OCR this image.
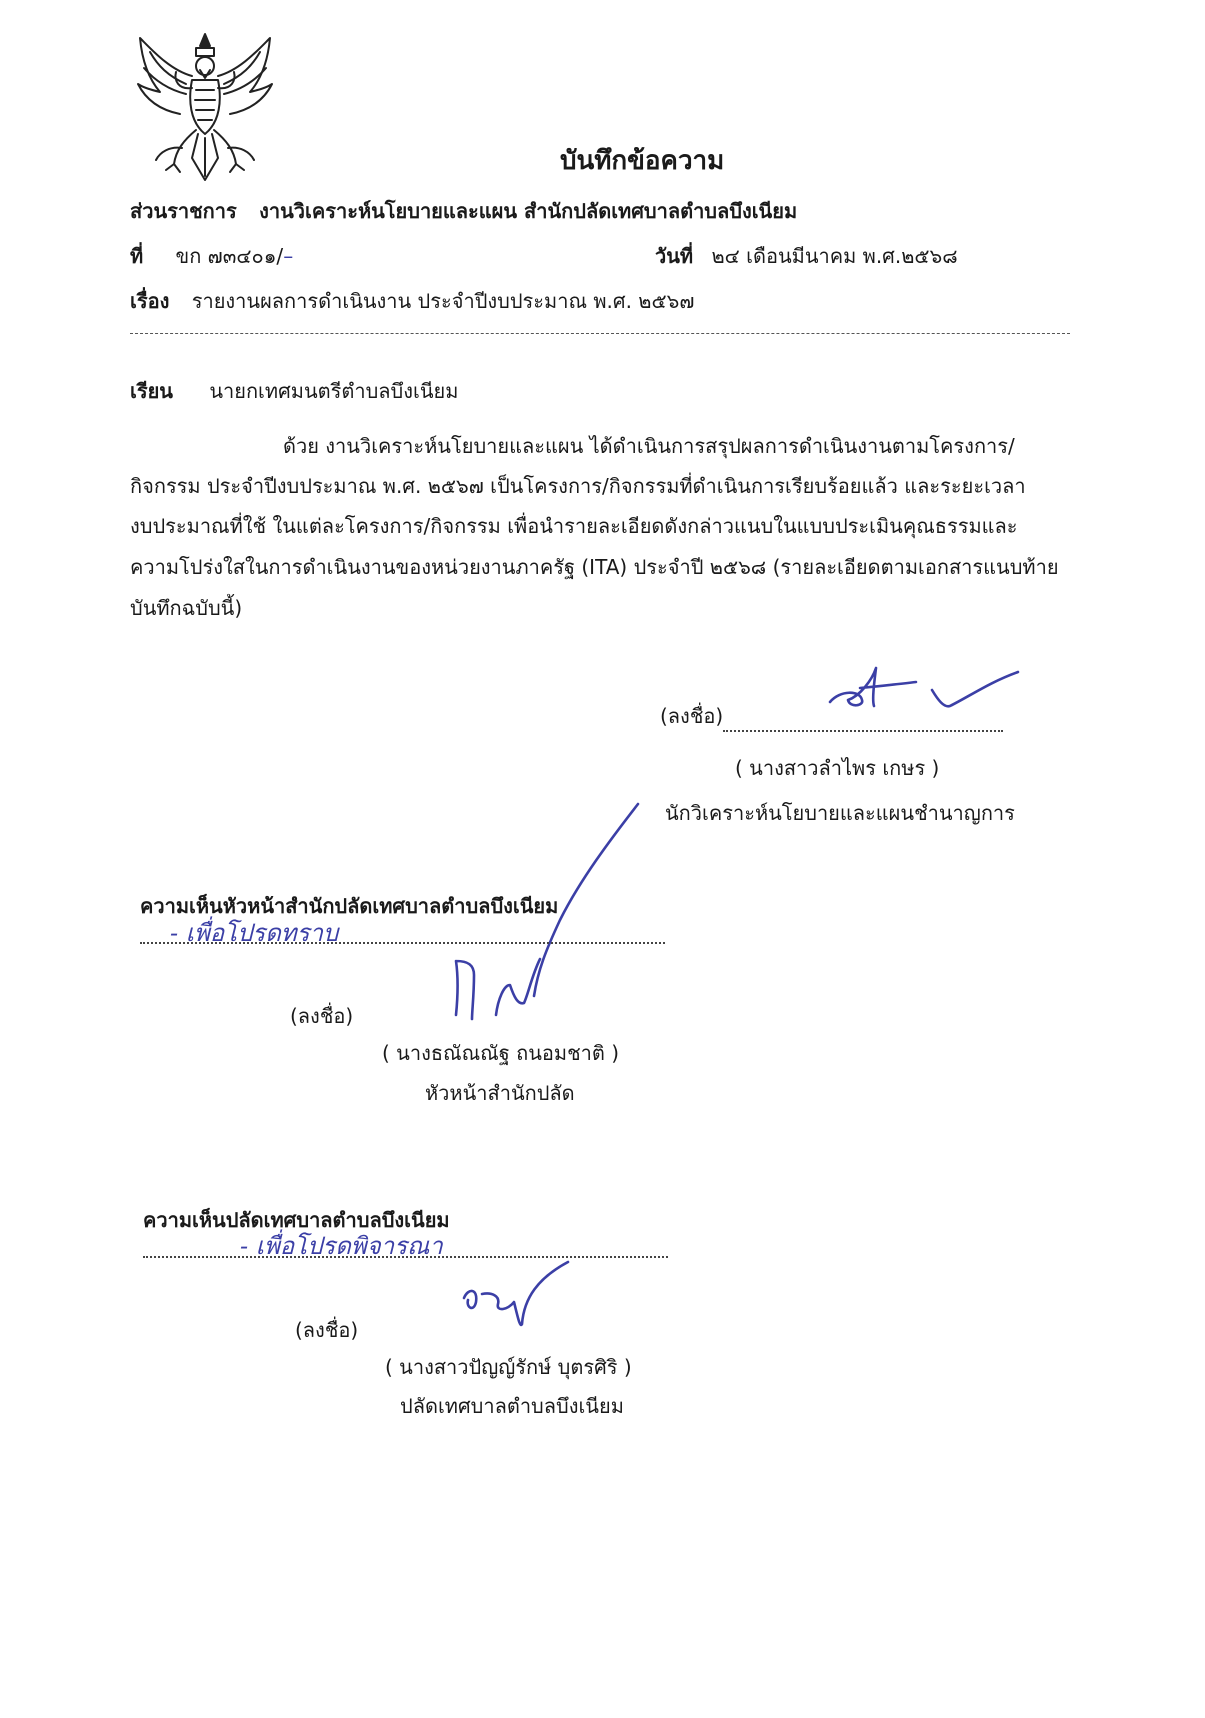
บันทึกข้อความ
ส่วนราชการ งานวิเคราะห์นโยบายและแผน สำนักปลัดเทศบาลตำบลบึงเนียม
ที่ ขก ๗๓๔๐๑/–	วันที่ ๒๔ เดือนมีนาคม พ.ศ.๒๕๖๘
เรื่อง รายงานผลการดำเนินงาน ประจำปีงบประมาณ พ.ศ. ๒๕๖๗
เรียน นายกเทศมนตรีตำบลบึงเนียม
ด้วย งานวิเคราะห์นโยบายและแผน ได้ดำเนินการสรุปผลการดำเนินงานตามโครงการ/
กิจกรรม ประจำปีงบประมาณ พ.ศ. ๒๕๖๗ เป็นโครงการ/กิจกรรมที่ดำเนินการเรียบร้อยแล้ว และระยะเวลา
งบประมาณที่ใช้ ในแต่ละโครงการ/กิจกรรม เพื่อนำรายละเอียดดังกล่าวแนบในแบบประเมินคุณธรรมและ
ความโปร่งใสในการดำเนินงานของหน่วยงานภาครัฐ (ITA) ประจำปี ๒๕๖๘ (รายละเอียดตามเอกสารแนบท้าย
บันทึกฉบับนี้)
(ลงชื่อ)
( นางสาวลำไพร เกษร )
นักวิเคราะห์นโยบายและแผนชำนาญการ
ความเห็นหัวหน้าสำนักปลัดเทศบาลตำบลบึงเนียม
- เพื่อโปรดทราบ
(ลงชื่อ)
( นางธณัณณัฐ ถนอมชาติ )
หัวหน้าสำนักปลัด
ความเห็นปลัดเทศบาลตำบลบึงเนียม
- เพื่อโปรดพิจารณา
(ลงชื่อ)
( นางสาวปัญญ์รักษ์ บุตรศิริ )
ปลัดเทศบาลตำบลบึงเนียม
